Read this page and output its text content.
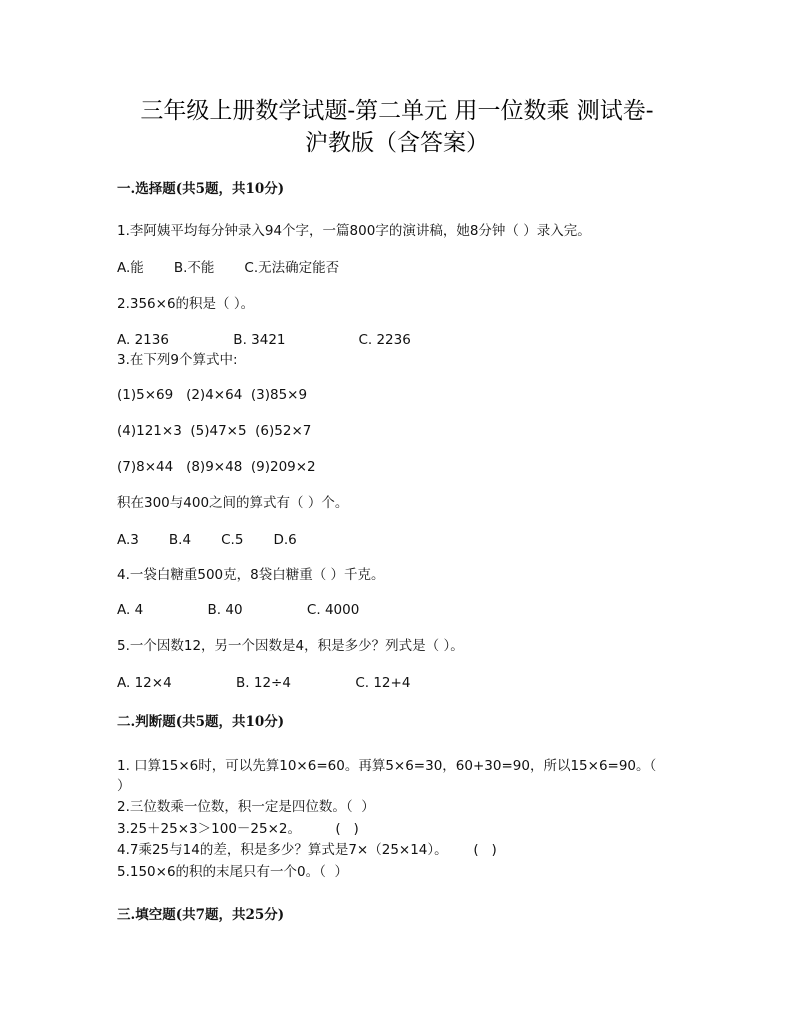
三年级上册数学试题-第二单元 用一位数乘 测试卷-
沪教版（含答案）
一.选择题(共5题，共10分)
1.李阿姨平均每分钟录入94个字，一篇800字的演讲稿，她8分钟（ ）录入完。
A.能       B.不能       C.无法确定能否
2.356×6的积是（ ）。
A. 2136               B. 3421                 C. 2236
3.在下列9个算式中:
(1)5×69   (2)4×64  (3)85×9
(4)121×3  (5)47×5  (6)52×7
(7)8×44   (8)9×48  (9)209×2
积在300与400之间的算式有（ ）个。
A.3       B.4       C.5       D.6
4.一袋白糖重500克，8袋白糖重（ ）千克。
A. 4               B. 40               C. 4000
5.一个因数12，另一个因数是4，积是多少？列式是（ ）。
A. 12×4               B. 12÷4               C. 12+4
二.判断题(共5题，共10分)
1. 口算15×6时，可以先算10×6=60。再算5×6=30，60+30=90，所以15×6=90。（
）
2.三位数乘一位数，积一定是四位数。（  ）
3.25＋25×3＞100－25×2。        (   )
4.7乘25与14的差，积是多少？算式是7×（25×14）。      (   )
5.150×6的积的末尾只有一个0。（  ）
三.填空题(共7题，共25分)
